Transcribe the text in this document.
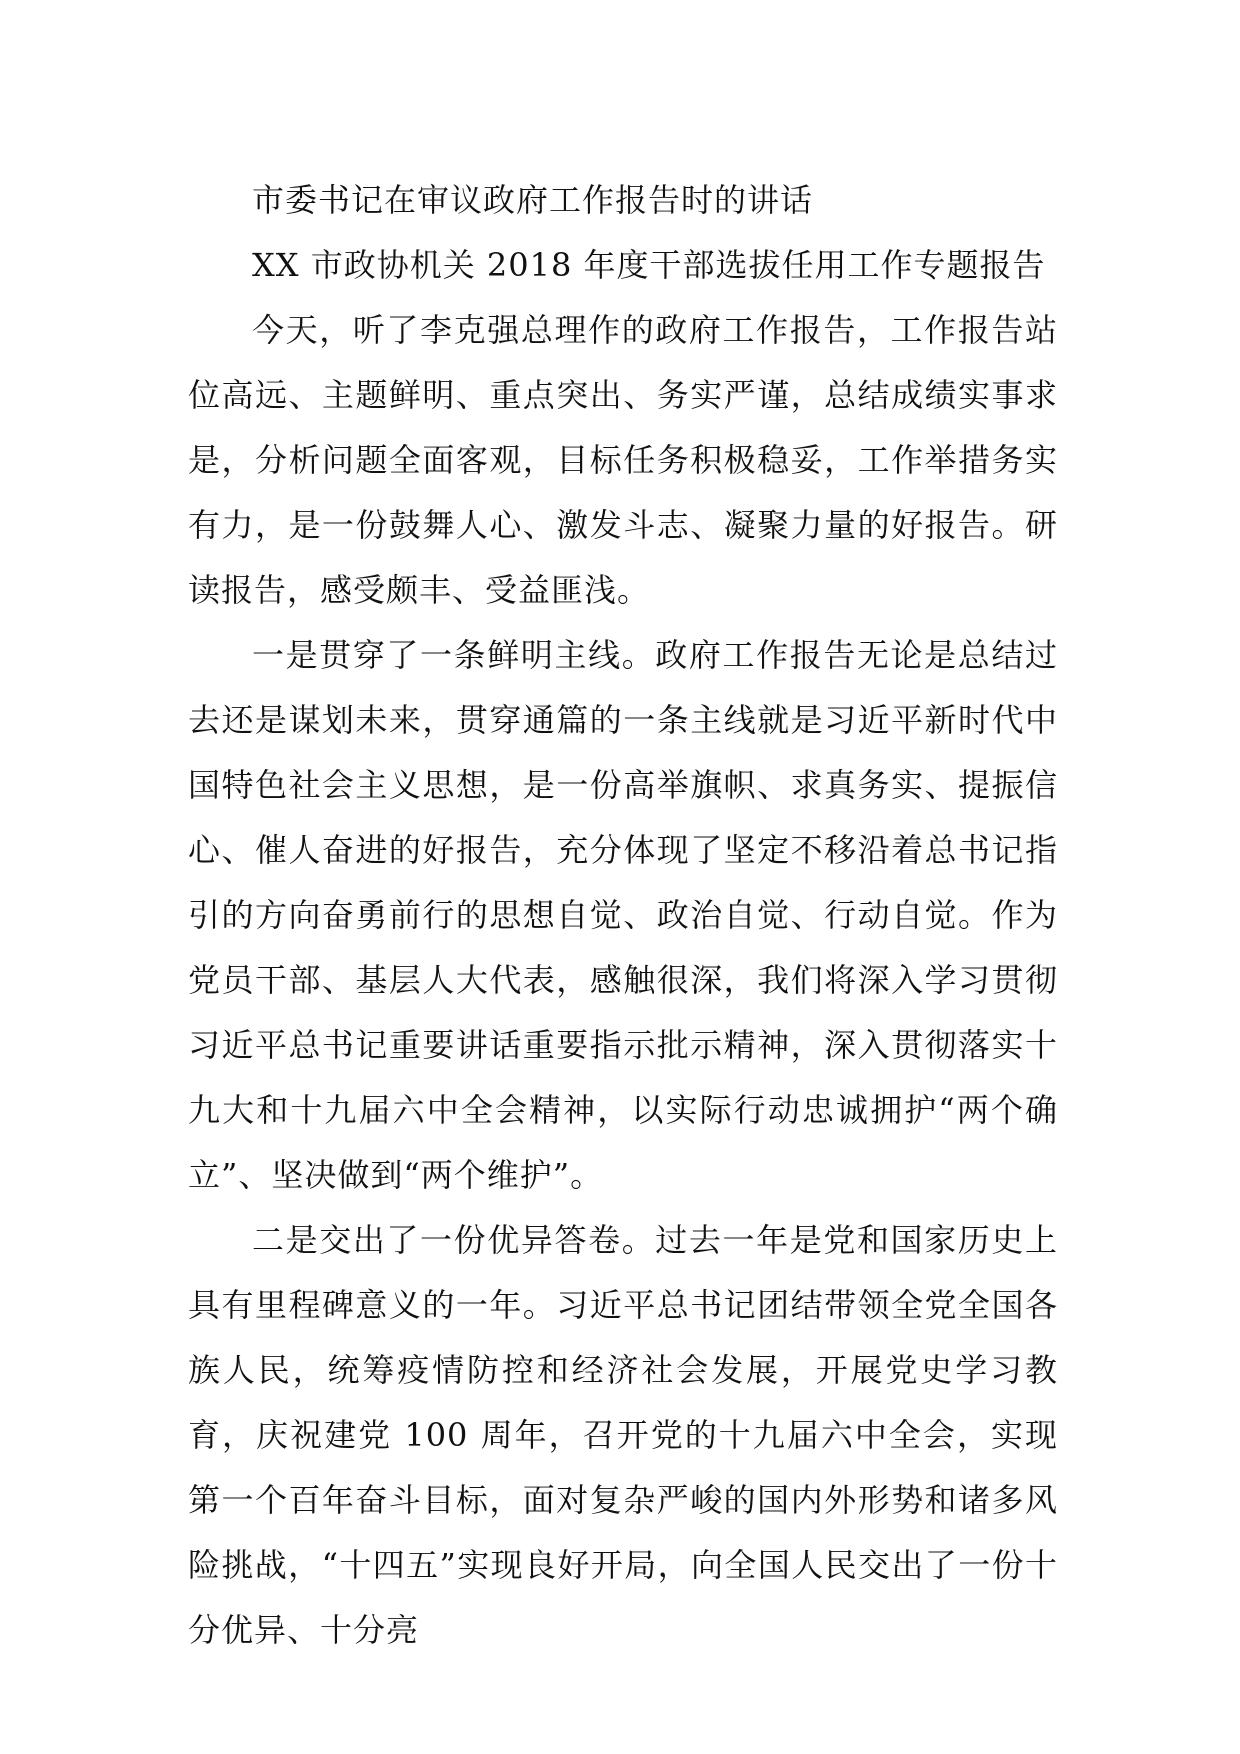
市委书记在审议政府工作报告时的讲话

XX 市政协机关 2018 年度干部选拔任用工作专题报告

今天，听了李克强总理作的政府工作报告，工作报告站位高远、主题鲜明、重点突出、务实严谨，总结成绩实事求是，分析问题全面客观，目标任务积极稳妥，工作举措务实有力，是一份鼓舞人心、激发斗志、凝聚力量的好报告。研读报告，感受颇丰、受益匪浅。

一是贯穿了一条鲜明主线。政府工作报告无论是总结过去还是谋划未来，贯穿通篇的一条主线就是习近平新时代中国特色社会主义思想，是一份高举旗帜、求真务实、提振信心、催人奋进的好报告，充分体现了坚定不移沿着总书记指引的方向奋勇前行的思想自觉、政治自觉、行动自觉。作为党员干部、基层人大代表，感触很深，我们将深入学习贯彻习近平总书记重要讲话重要指示批示精神，深入贯彻落实十九大和十九届六中全会精神，以实际行动忠诚拥护“两个确立”、坚决做到“两个维护”。

二是交出了一份优异答卷。过去一年是党和国家历史上具有里程碑意义的一年。习近平总书记团结带领全党全国各族人民，统筹疫情防控和经济社会发展，开展党史学习教育，庆祝建党 100 周年，召开党的十九届六中全会，实现第一个百年奋斗目标，面对复杂严峻的国内外形势和诸多风险挑战，“十四五”实现良好开局，向全国人民交出了一份十分优异、十分亮
